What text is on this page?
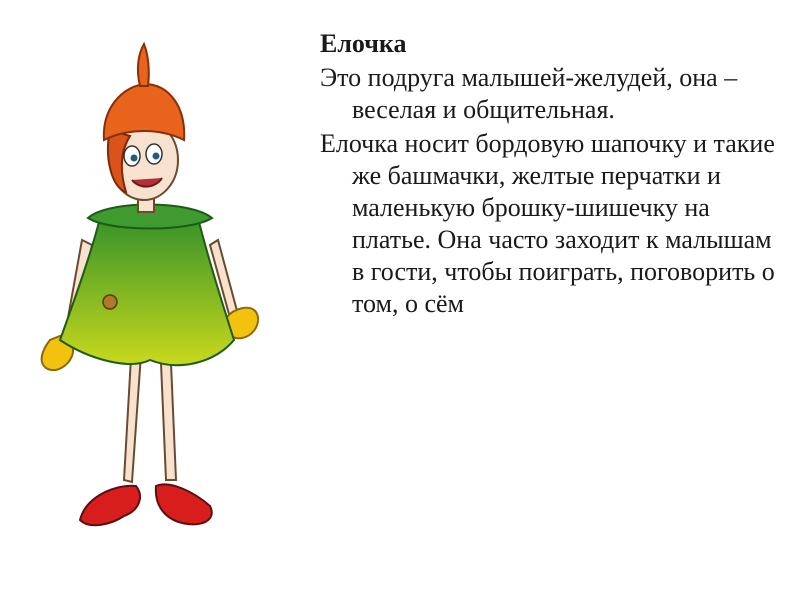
Елочка

Это подруга малышей-желудей, она – веселая и общительная.

Елочка носит бордовую шапочку и такие же башмачки, желтые перчатки и маленькую брошку-шишечку на платье. Она часто заходит к малышам в гости, чтобы поиграть, поговорить о том, о сём
